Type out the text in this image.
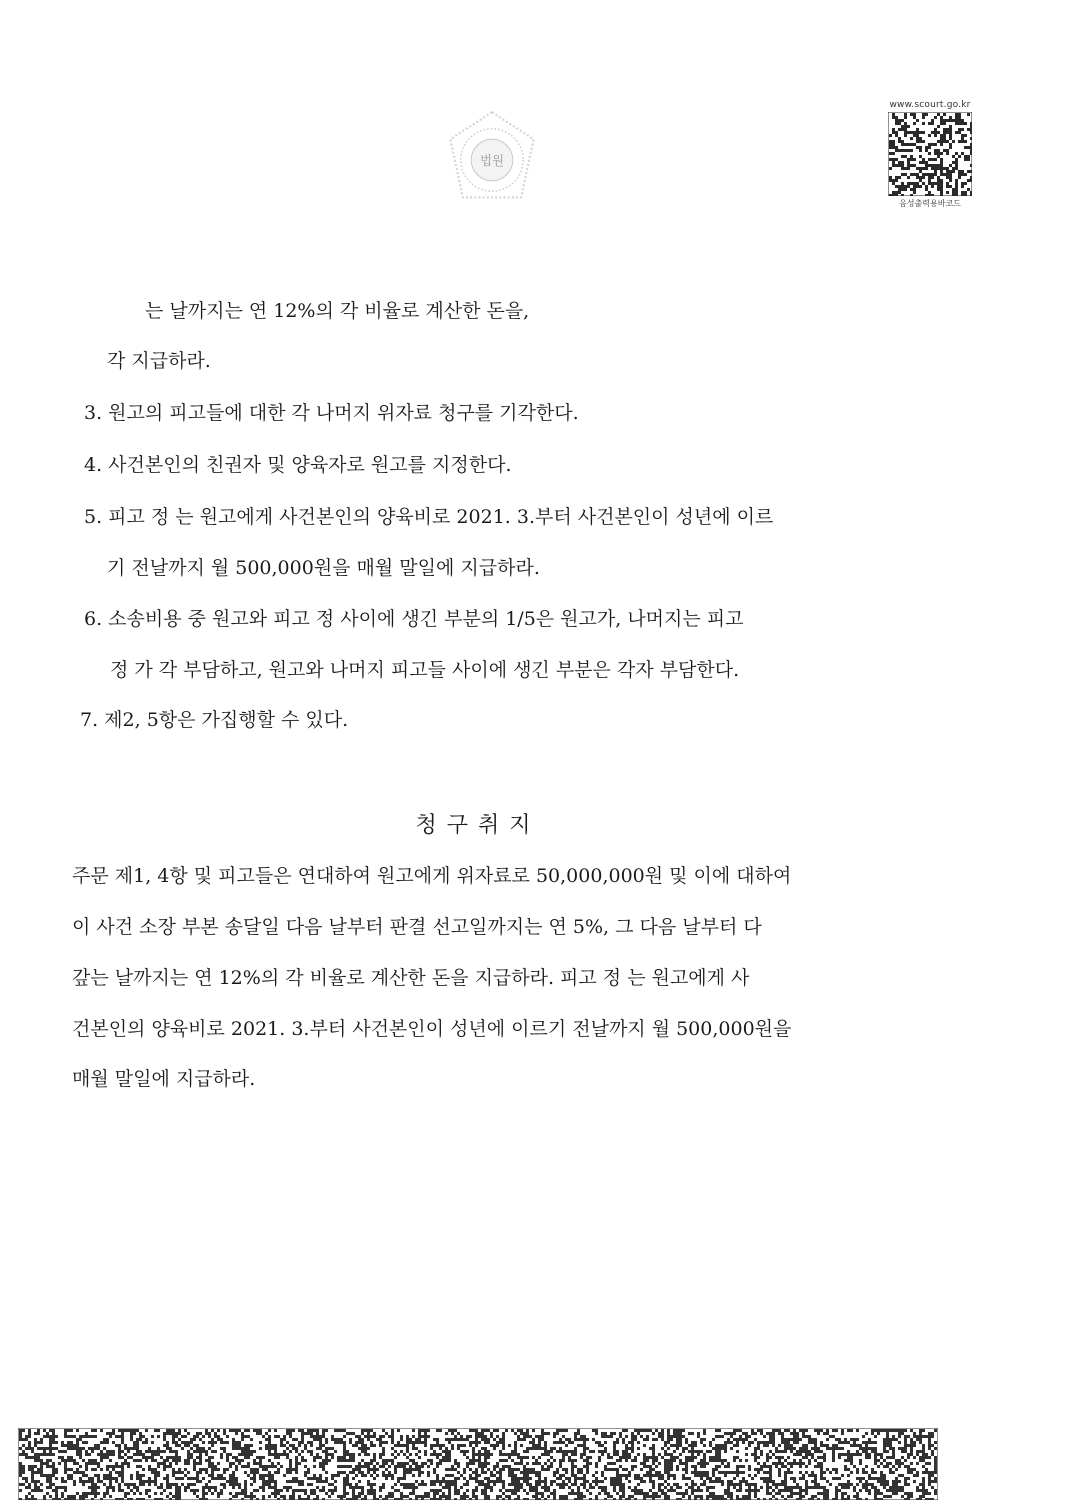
법원
www.scourt.go.kr
음성출력용바코드
는 날까지는 연 12%의 각 비율로 계산한 돈을,
각 지급하라.
3. 원고의 피고들에 대한 각 나머지 위자료 청구를 기각한다.
4. 사건본인의 친권자 및 양육자로 원고를 지정한다.
5. 피고 정 는 원고에게 사건본인의 양육비로 2021. 3.부터 사건본인이 성년에 이르
기 전날까지 월 500,000원을 매월 말일에 지급하라.
6. 소송비용 중 원고와 피고 정 사이에 생긴 부분의 1/5은 원고가, 나머지는 피고
정 가 각 부담하고, 원고와 나머지 피고들 사이에 생긴 부분은 각자 부담한다.
7. 제2, 5항은 가집행할 수 있다.
청구취지
주문 제1, 4항 및 피고들은 연대하여 원고에게 위자료로 50,000,000원 및 이에 대하여
이 사건 소장 부본 송달일 다음 날부터 판결 선고일까지는 연 5%, 그 다음 날부터 다
갚는 날까지는 연 12%의 각 비율로 계산한 돈을 지급하라. 피고 정 는 원고에게 사
건본인의 양육비로 2021. 3.부터 사건본인이 성년에 이르기 전날까지 월 500,000원을
매월 말일에 지급하라.
